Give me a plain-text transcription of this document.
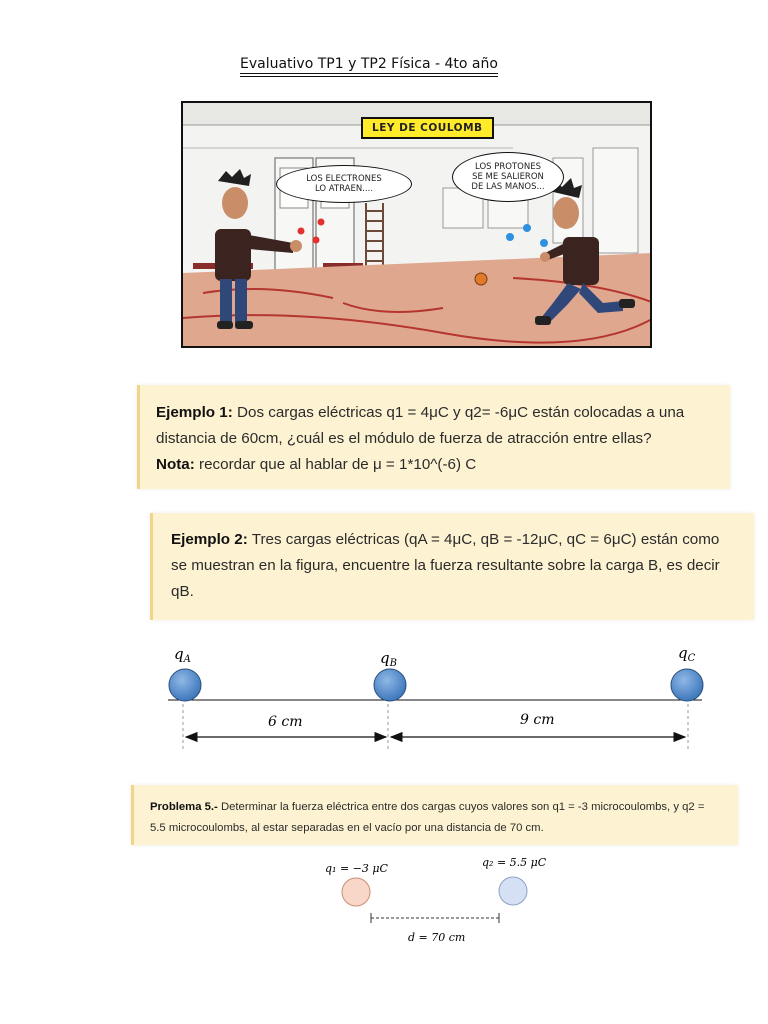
Evaluativo TP1 y TP2 Física - 4to año
LEY DE COULOMB
LOS ELECTRONES
LO ATRAEN....
LOS PROTONES
SE ME SALIERON
DE LAS MANOS...

Ejemplo 1: Dos cargas eléctricas q1 = 4μC y q2= -6μC están colocadas a una distancia de 60cm, ¿cuál es el módulo de fuerza de atracción entre ellas?

Nota: recordar que al hablar de μ = 1*10^(-6) C

Ejemplo 2: Tres cargas eléctricas (qA = 4μC, qB = -12μC, qC = 6μC) están como se muestran en la figura, encuentre la fuerza resultante sobre la carga B, es decir qB.

$q_A$	$q_B$
$q_C$
6 cm	9 cm

Problema 5.- Determinar la fuerza eléctrica entre dos cargas cuyos valores son q1 = -3 microcoulombs, y q2 = 5.5 microcoulombs, al estar separadas en el vacío por una distancia de 70 cm.

q₁ = −3 μC	q₂ = 5.5 μC
d = 70 cm
